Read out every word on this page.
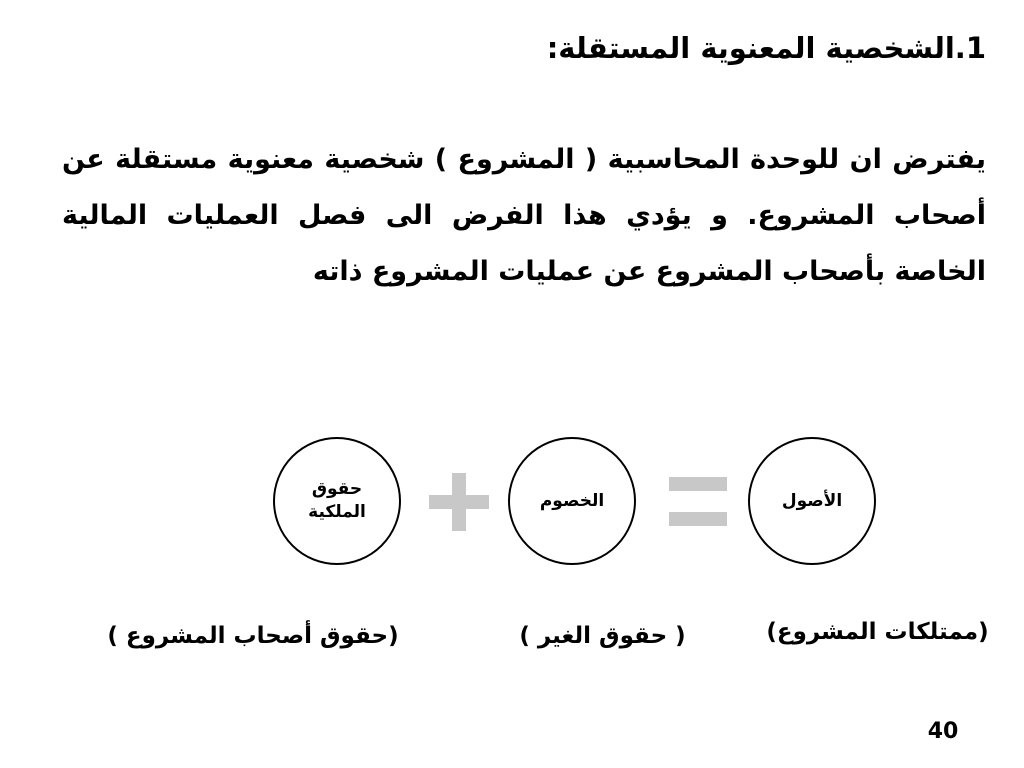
1.الشخصية المعنوية المستقلة:
يفترض ان للوحدة المحاسبية ( المشروع ) شخصية معنوية مستقلة عن أصحاب المشروع. و يؤدي هذا الفرض الى فصل العمليات المالية الخاصة بأصحاب المشروع عن عمليات المشروع ذاته
الأصول
الخصوم
حقوق الملكية
(ممتلكات المشروع)
( حقوق الغير )
(حقوق أصحاب المشروع )
40
